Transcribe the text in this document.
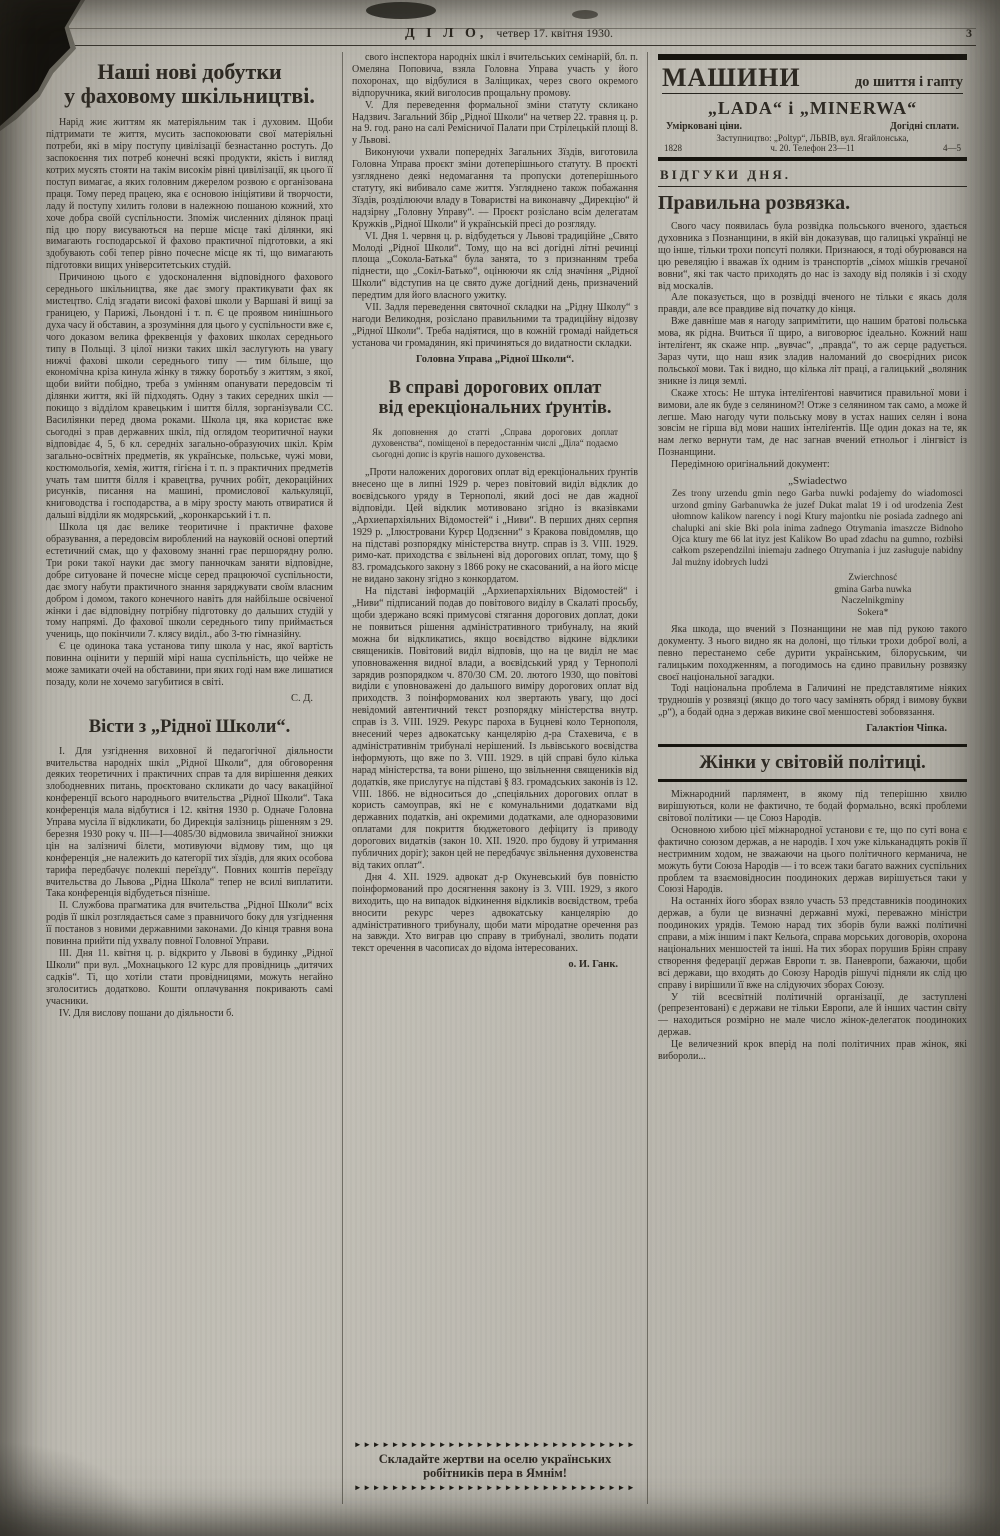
Д І Л О, четвер 17. квітня 1930.	3
Наші нові добутки
у фаховому шкільництві.

Нарід жиє життям як матеріяльним так і духовим. Щоби підтримати те життя, мусить заспокоювати свої матеріяльні потреби, які в міру поступу цивілізації безнастанно ростуть. До заспокоєння тих потреб конечні всякі продукти, якість і вигляд котрих мусять стояти на такім високім рівні цивілізації, як цього її поступ вимагає, а яких головним джерелом розвою є організована праця. Тому перед працею, яка є основою ініціятиви й творчости, ладу й поступу хилить голови в належною пошаною кожний, хто хоче добра своїй суспільности. Зпоміж численних ділянок праці під цю пору висуваються на перше місце такі ділянки, які вимагають господарської й фахово практичної підготовки, а які здобувають собі тепер рівно почесне місце як ті, що вимагають підготовки вищих університетських студій.

Причиною цього є удосконалення відповідного фахового середнього шкільництва, яке дає змогу практикувати фах як мистецтво. Слід згадати високі фахові школи у Варшаві й вищі за границею, у Парижі, Льондоні і т. п. Є це проявом нинішнього духа часу й обставин, а зрозуміння для цього у суспільности вже є, чого доказом велика фреквенція у фахових школах середнього типу в Польщі. З цілої низки таких шкіл заслугують на увагу нижчі фахові школи середнього типу — тим більше, що економічна кріза кинула жінку в тяжку боротьбу з життям, з якої, щоби вийти побідно, треба з умінням опанувати передовсім ті ділянки життя, які їй підходять. Одну з таких середних шкіл — покищо з відділом кравецьким і шиття білля, зорганізували СС. Василіянки перед двома роками. Школа ця, яка користає вже сьогодні з прав державних шкіл, під оглядом теоритичної науки відповідає 4, 5, 6 кл. середніх загально-образуючих шкіл. Крім загально-освітніх предметів, як українське, польське, чужі мови, костюмольоґія, хемія, життя, гігієна і т. п. з практичних предметів учать там шиття білля і кравецтва, ручних робіт, декораційних рисунків, писання на машині, промислової калькуляції, книговодства і господарства, а в міру зросту мають отвиратися й дальші відділи як модярський, „коронкарський і т. п.

Школа ця дає велике теоритичне і практичне фахове образування, а передовсім вироблений на науковій основі опертий естетичний смак, що у фаховому знанні грає першорядну ролю. Три роки такої науки дає змогу панночкам заняти відповідне, добре ситуоване й почесне місце серед працюючої суспільности, дає змогу набути практичного знання заряджувати своїм власним добром і домом, такого конечного навіть для найбільше освіченої жінки і дає відповідну потрібну підготовку до дальших студій у тому напрямі. До фахової школи середнього типу приймається учениць, що покінчили 7. клясу виділ., або 3-тю гімназійну.

Є це одинока така установа типу школа у нас, якої вартість повинна оцінити у першій мірі наша суспільність, що чейже не може замикати очей на обставини, при яких годі нам вже лишатися позаду, коли не хочемо загубитися в світі.

С. Д.
Вісти з „Рідної Школи“.

I. Для узгіднення виховної й педагогічної діяльности вчительства народніх шкіл „Рідної Школи“, для обговорення деяких теоретичних і практичних справ та для вирішення деяких злободневних питань, проєктовано скликати до часу вакаційної конференції всього народнього вчительства „Рідної Школи“. Така конференція мала відбутися і 12. квітня 1930 р. Одначе Головна Управа мусіла її відкликати, бо Дирекція залізниць рішенням з 29. березня 1930 року ч. III—І—4085/30 відмовила звичайної знижки цін на залізничі білєти, мотивуючи відмову тим, що ця конференція „не належить до категорії тих зїздів, для яких особова тарифа передбачує полекші переїзду“. Повних коштів переїзду вчительства до Львова „Рідна Школа“ тепер не всилі виплатити. Така конференція відбудеться пізніше.

II. Службова прагматика для вчительства „Рідної Школи“ всіх родів її шкіл розглядається саме з правничого боку для узгіднення її постанов з новими державними законами. До кінця травня вона повинна прийти під ухвалу повної Головної Управи.

III. Дня 11. квітня ц. р. відкрито у Львові в будинку „Рідної Школи“ при вул. „Мохнацького 12 курс для провідниць „дитячих садків“. Ті, що хотіли стати провідницями, можуть негайно зголоситись додатково. Кошти оплачування покривають самі учасники.

IV. Для вислову пошани до діяльности б.

свого інспектора народніх шкіл і вчительських семінарій, бл. п. Омеляна Поповича, взяла Головна Управа участь у його похоронах, що відбулися в Заліщиках, через свого окремого відпоручника, який виголосив прощальну промову.

V. Для переведення формальної зміни статуту скликано Надзвич. Загальний Збір „Рідної Школи“ на четвер 22. травня ц. р. на 9. год. рано на салі Ремісничої Палати при Стрілецькій площі 8. у Львові.

Виконуючи ухвали попередніх Загальних Зїздів, виготовила Головна Управа проєкт зміни дотеперішнього статуту. В проєкті узгляднено деякі недомагання та пропуски дотеперішнього статуту, які вибивало саме життя. Узгляднено також побажання Зїздів, розділюючи владу в Товаристві на виконавчу „Дирекцію“ й надзірну „Головну Управу“. — Проєкт розіслано всім делегатам Кружків „Рідної Школи“ й українській пресі до розгляду.

VI. Дня 1. червня ц. р. відбудеться у Львові традиційне „Свято Молоді „Рідної Школи“. Тому, що на всі догідні літні речинці площа „Сокола-Батька“ була занята, то з признанням треба піднести, що „Сокіл-Батько“, оцінюючи як слід значіння „Рідної Школи“ відступив на це свято дуже догідний день, призначений передтим для його власного ужитку.

VII. Задля переведення святочної складки на „Рідну Школу“ з нагоди Великодня, розіслано правильними та традиційну відозву „Рідної Школи“. Треба надіятися, що в кожній громаді найдеться установа чи громадянин, які причиняться до видатности складки.

Головна Управа „Рідної Школи“.
В справі дорогових оплат
від ерекціональних ґрунтів.
Як доповнення до статті „Справа дорогових доплат духовенства“, поміщеної в передостаннім числі „Діла“ подаємо сьогодні допис із кругів нашого духовенства.

„Проти наложених дорогових оплат від ерекціональних ґрунтів внесено ще в липні 1929 р. через повітовий виділ відклик до воєвідського уряду в Тернополі, який досі не дав жадної відповіди. Цей відклик мотивовано згідно із вказівками „Архиепархіяльних Відомостей“ і „Ниви“. В перших днях серпня 1929 р. „Ілюстровани Курєр Цодзєнни“ з Кракова повідомляв, що на підставі розпорядку міністерства внутр. справ із 3. VIII. 1929. римо-кат. приходства є звільнені від дорогових оплат, тому, що § 83. громадського закону з 1866 року не скасований, а на його місце не видано закону згідно з конкордатом.

На підставі інформацій „Архиепархіяльних Відомостей“ і „Ниви“ підписаний подав до повітового виділу в Скалаті просьбу, щоби здержано всякі примусові стягання дорогових доплат, доки не появиться рішення адміністративного трибуналу, на який можна би відкликатись, якщо воєвідство відкине відклики священиків. Повітовий виділ відповів, що на це виділ не має уповноваження видної влади, а воєвідський уряд у Тернополі зарядив розпорядком ч. 870/30 СМ. 20. лютого 1930, що повітові виділи є уповноважені до дальшого виміру дорогових оплат від приходств. З поінформованих кол звертають увагу, що досі невідомий автентичний текст розпорядку міністерства внутр. справ із 3. VIII. 1929. Рекурс пароха в Буцневі коло Тернополя, внесений через адвокатську канцелярію д-ра Стахевича, є в адміністративнім трибуналі нерішений. Із львівського воєвідства інформують, що вже по 3. VIII. 1929. в цій справі було кілька нарад міністерства, та вони рішено, що звільнення священиків від додатків, яке прислугує на підставі § 83. громадських законів із 12. VIII. 1866. не відноситься до „спеціяльних дорогових оплат в користь самоуправ, які не є комунальними додатками від державних податків, ані окремими додатками, але одноразовими оплатами для покриття бюджетового дефіциту із приводу дорогових видатків (закон 10. XII. 1920. про будову й утримання публичних доріг); закон цей не передбачує звільнення духовенства від таких оплат“.

Дня 4. XII. 1929. адвокат д-р Окуневський був повністю поінформований про досягнення закону із 3. VIII. 1929, з якого виходить, що на випадок відкинення відкликів воєвідством, треба вносити рекурс через адвокатську канцелярію до адміністративного трибуналу, щоби мати міродатне оречення раз на завжди. Хто виграв цю справу в трибуналі, зволить подати текст оречення в часописах до відома інтересованих.

о. И. Ганк.
►►►►►►►►►►►►►►►►►►►►►►►►►►►►►►
Складайте жертви на оселю українських робітників пера в Ямнім!
►►►►►►►►►►►►►►►►►►►►►►►►►►►►►►
МАШИНИ	до шиття і гапту
„LADA“ і „MINERWA“
Умірковані ціни.	Догідні сплати.
Заступництво: „Poltyp“, ЛЬВІВ, вул. Ягайлонська,
1828	ч. 20. Телефон 23—11	4—5
ВІДГУКИ ДНЯ.
Правильна розвязка.

Свого часу появилась була розвідка польського вченого, здається духовника з Познанщини, в якій він доказував, що галицькі українці не що інше, тільки трохи попсуті поляки. Признаюся, я тоді обурювався на цю ревеляцію і вважав їх одним із транспортів „сімох мішків гречаної вовни“, які так часто приходять до нас із заходу від поляків і зі сходу від москалів.

Але показується, що в розвідці вченого не тільки є якась доля правди, але все правдиве від початку до кінця.

Вже давніше мав я нагоду запримітити, що нашим братові польська мова, як рідна. Вчиться її щиро, а виговорює ідеально. Кожний наш інтеліґент, як скаже нпр. „вувчас“, „правда“, то аж серце радується. Зараз чути, що наш язик зладив наломаний до своєрідних рисок польської мови. Так і видно, що кілька літ праці, а галицький „воляник зникне із лиця землі.

Скаже хтось: Не штука інтеліґентові навчитися правильної мови і вимови, але як буде з селянином?! Отже з селянином так само, а може й легше. Маю нагоду чути польську мову в устах наших селян і вона зовсім не гірша від мови наших інтеліґентів. Ще один доказ на те, як нам легко вернути там, де нас загнав вчений етнольог і лінгвіст із Познанщини.

Передімною оригінальний документ:

„Swiadectwo
Zes trony urzendu gmin nego Garba nuwki podajemy do wiadomosci urzond gminy Garbanuwka że juzef Dukat malat 19 i od urodzenia Zest ułomnow kalikow narency i nogi Ktury majontku nie posiada zadnego ani chalupki ani skie Bki pola inima zadnego Otrymania imaszcze Bidnoho Ojca ktury me 66 lat ityz jest Kalikow Bo upad zdachu na gumno, rozbiłsi całkom pszependzilni iniemaju zadnego Otrymania i juz zasługuje nabidny Jal mużny idobrych ludzi

Zwierchnosć

gmina Garba nuwka

Naczelnikgminy

Sokera*

Яка шкода, що вчений з Познанщини не мав під рукою такого документу. З нього видно як на долоні, що тільки трохи доброї волі, а певно перестанемо себе дурити українським, білоруським, чи галицьким походженням, а погодимось на єдино правильну розвязку своєї національної загадки.

Тоді національна проблема в Галичині не представлятиме ніяких трудношів у розвязці (якщо до того часу замінять обряд і вимову букви „р“), а бодай одна з держав викине свої меншостеві зобовязання.

Галактіон Чіпка.
Жінки у світовій політиці.

Міжнародний парлямент, в якому під теперішню хвилю вирішуються, коли не фактично, те бодай формально, всякі проблеми світової політики — це Союз Народів.

Основною хибою цієї міжнародної установи є те, що по суті вона є фактично союзом держав, а не народів. І хоч уже кільканадцять років її нестримним ходом, не зважаючи на цього політичного керманича, не можуть бути Союза Народів — і то всеж таки багато важних суспільних проблем та взаємовідносин поодиноких держав вирішується таки у Союзі Народів.

На останніх його зборах взяло участь 53 представників поодиноких держав, а були це визначні державні мужі, переважно міністри поодиноких урядів. Темою нарад тих зборів були важкі політичні справи, а між іншим і пакт Кельоґа, справа морських договорів, охорона національних меншостей та інші. На тих зборах порушив Бріян справу створення федерації держав Европи т. зв. Паневропи, бажаючи, щоби всі держави, що входять до Союзу Народів рішучі підняли як слід цю справу і вирішили її вже на слідуючих зборах Союзу.

У тій всесвітній політичній організації, де заступлені (репрезентовані) є держави не тільки Европи, але й інших частин світу — находиться розмірно не мале число жінок-делегаток поодиноких держав.

Це величезний крок вперід на полі політичних прав жінок, які вибороли...
